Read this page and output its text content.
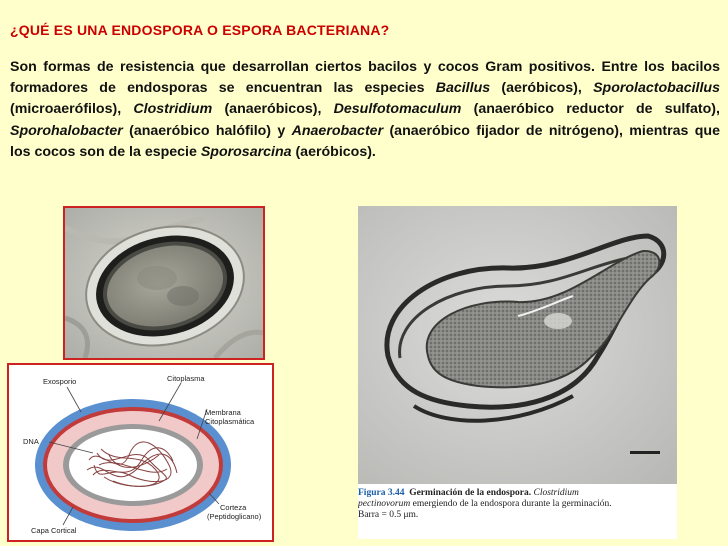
¿QUÉ ES UNA ENDOSPORA O ESPORA BACTERIANA?
Son formas de resistencia que desarrollan ciertos bacilos y cocos Gram positivos. Entre los bacilos formadores de endosporas se encuentran las especies Bacillus (aeróbicos), Sporolactobacillus (microaerófilos), Clostridium (anaeróbicos), Desulfotomaculum (anaeróbico reductor de sulfato), Sporohalobacter (anaeróbico halófilo) y Anaerobacter (anaeróbico fijador de nitrógeno), mientras que los cocos son de la especie Sporosarcina (aeróbicos).
Exosporio	Citoplasma
Membrana Citoplasmática
DNA
Corteza
(Peptidoglicano)
Capa Cortical
Figura 3.44 Germinación de la endospora. Clostridium
pectinovorum emergiendo de la endospora durante la germinación.
Barra = 0.5 μm.
